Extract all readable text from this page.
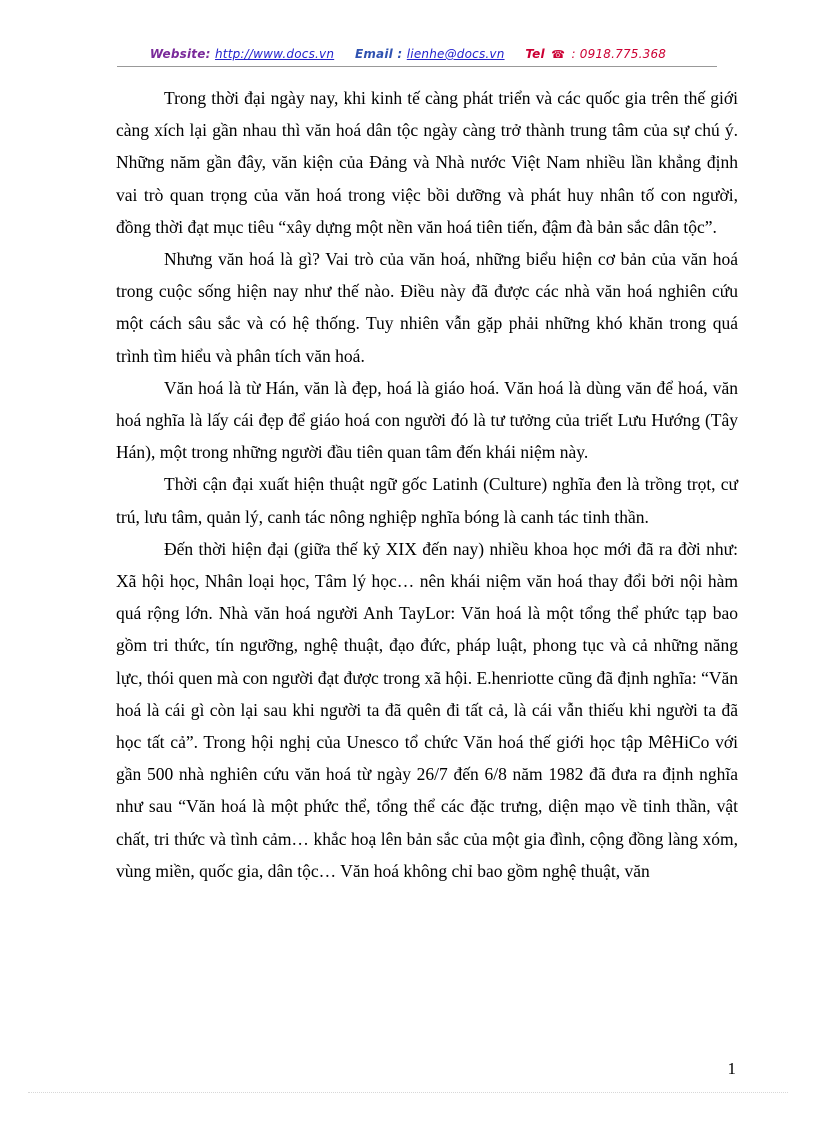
Website: http://www.docs.vn Email : lienhe@docs.vn Tel ☎ : 0918.775.368

Trong thời đại ngày nay, khi kinh tế càng phát triển và các quốc gia trên thế giới càng xích lại gần nhau thì văn hoá dân tộc ngày càng trở thành trung tâm của sự chú ý. Những năm gần đây, văn kiện của Đảng và Nhà nước Việt Nam nhiều lần khẳng định vai trò quan trọng của văn hoá trong việc bồi dưỡng và phát huy nhân tố con người, đồng thời đạt mục tiêu “xây dựng một nền văn hoá tiên tiến, đậm đà bản sắc dân tộc”.

Nhưng văn hoá là gì? Vai trò của văn hoá, những biểu hiện cơ bản của văn hoá trong cuộc sống hiện nay như thế nào. Điều này đã được các nhà văn hoá nghiên cứu một cách sâu sắc và có hệ thống. Tuy nhiên vẫn gặp phải những khó khăn trong quá trình tìm hiểu và phân tích văn hoá.

Văn hoá là từ Hán, văn là đẹp, hoá là giáo hoá. Văn hoá là dùng văn để hoá, văn hoá nghĩa là lấy cái đẹp để giáo hoá con người đó là tư tưởng của triết Lưu Hướng (Tây Hán), một trong những người đầu tiên quan tâm đến khái niệm này.

Thời cận đại xuất hiện thuật ngữ gốc Latinh (Culture) nghĩa đen là trồng trọt, cư trú, lưu tâm, quản lý, canh tác nông nghiệp nghĩa bóng là canh tác tinh thần.

Đến thời hiện đại (giữa thế kỷ XIX đến nay) nhiều khoa học mới đã ra đời như: Xã hội học, Nhân loại học, Tâm lý học… nên khái niệm văn hoá thay đổi bởi nội hàm quá rộng lớn. Nhà văn hoá người Anh TayLor: Văn hoá là một tổng thể phức tạp bao gồm tri thức, tín ngưỡng, nghệ thuật, đạo đức, pháp luật, phong tục và cả những năng lực, thói quen mà con người đạt được trong xã hội. E.henriotte cũng đã định nghĩa: “Văn hoá là cái gì còn lại sau khi người ta đã quên đi tất cả, là cái vẫn thiếu khi người ta đã học tất cả”. Trong hội nghị của Unesco tổ chức Văn hoá thế giới học tập MêHiCo với gần 500 nhà nghiên cứu văn hoá từ ngày 26/7 đến 6/8 năm 1982 đã đưa ra định nghĩa như sau “Văn hoá là một phức thể, tổng thể các đặc trưng, diện mạo về tinh thần, vật chất, tri thức và tình cảm… khắc hoạ lên bản sắc của một gia đình, cộng đồng làng xóm, vùng miền, quốc gia, dân tộc… Văn hoá không chỉ bao gồm nghệ thuật, văn

1
